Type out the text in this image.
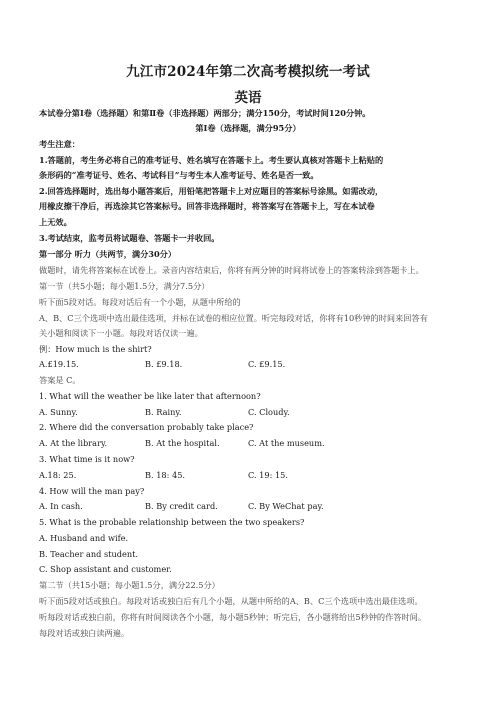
九江市2024年第二次高考模拟统一考试
英语
本试卷分第Ⅰ卷（选择题）和第Ⅱ卷（非选择题）两部分；满分150分，考试时间120分钟。
第Ⅰ卷（选择题，满分95分）
考生注意：
1.答题前，考生务必将自己的准考证号、姓名填写在答题卡上。考生要认真核对答题卡上粘贴的
条形码的“准考证号、姓名、考试科目”与考生本人准考证号、姓名是否一致。
2.回答选择题时，选出每小题答案后，用铅笔把答题卡上对应题目的答案标号涂黑。如需改动，
用橡皮擦干净后，再选涂其它答案标号。回答非选择题时，将答案写在答题卡上，写在本试卷
上无效。
3.考试结束，监考员将试题卷、答题卡一并收回。
第一部分 听力（共两节，满分30分）
做题时，请先将答案标在试卷上。录音内容结束后，你将有两分钟的时间将试卷上的答案转涂到答题卡上。
第一节（共5小题；每小题1.5分，满分7.5分）
听下面5段对话。每段对话后有一个小题，从题中所给的
A、B、C三个选项中选出最佳选项，并标在试卷的相应位置。听完每段对话，你将有10秒钟的时间来回答有
关小题和阅读下一小题。每段对话仅读一遍。
例：How much is the shirt?
A.£19.15.	B. £9.18.	C. £9.15.
答案是 C。
1. What will the weather be like later that afternoon?
A. Sunny.	B. Rainy.	C. Cloudy.
2. Where did the conversation probably take place?
A. At the library.	B. At the hospital.	C. At the museum.
3. What time is it now?
A.18: 25.	B. 18: 45.	C. 19: 15.
4. How will the man pay?
A. In cash.	B. By credit card.	C. By WeChat pay.
5. What is the probable relationship between the two speakers?
A. Husband and wife.
B. Teacher and student.
C. Shop assistant and customer.
第二节（共15小题；每小题1.5分，满分22.5分）
听下面5段对话或独白。每段对话或独白后有几个小题，从题中所给的A、B、C三个选项中选出最佳选项。
听每段对话或独白前，你将有时间阅读各个小题，每小题5秒钟；听完后，各小题将给出5秒钟的作答时间。
每段对话或独白读两遍。
